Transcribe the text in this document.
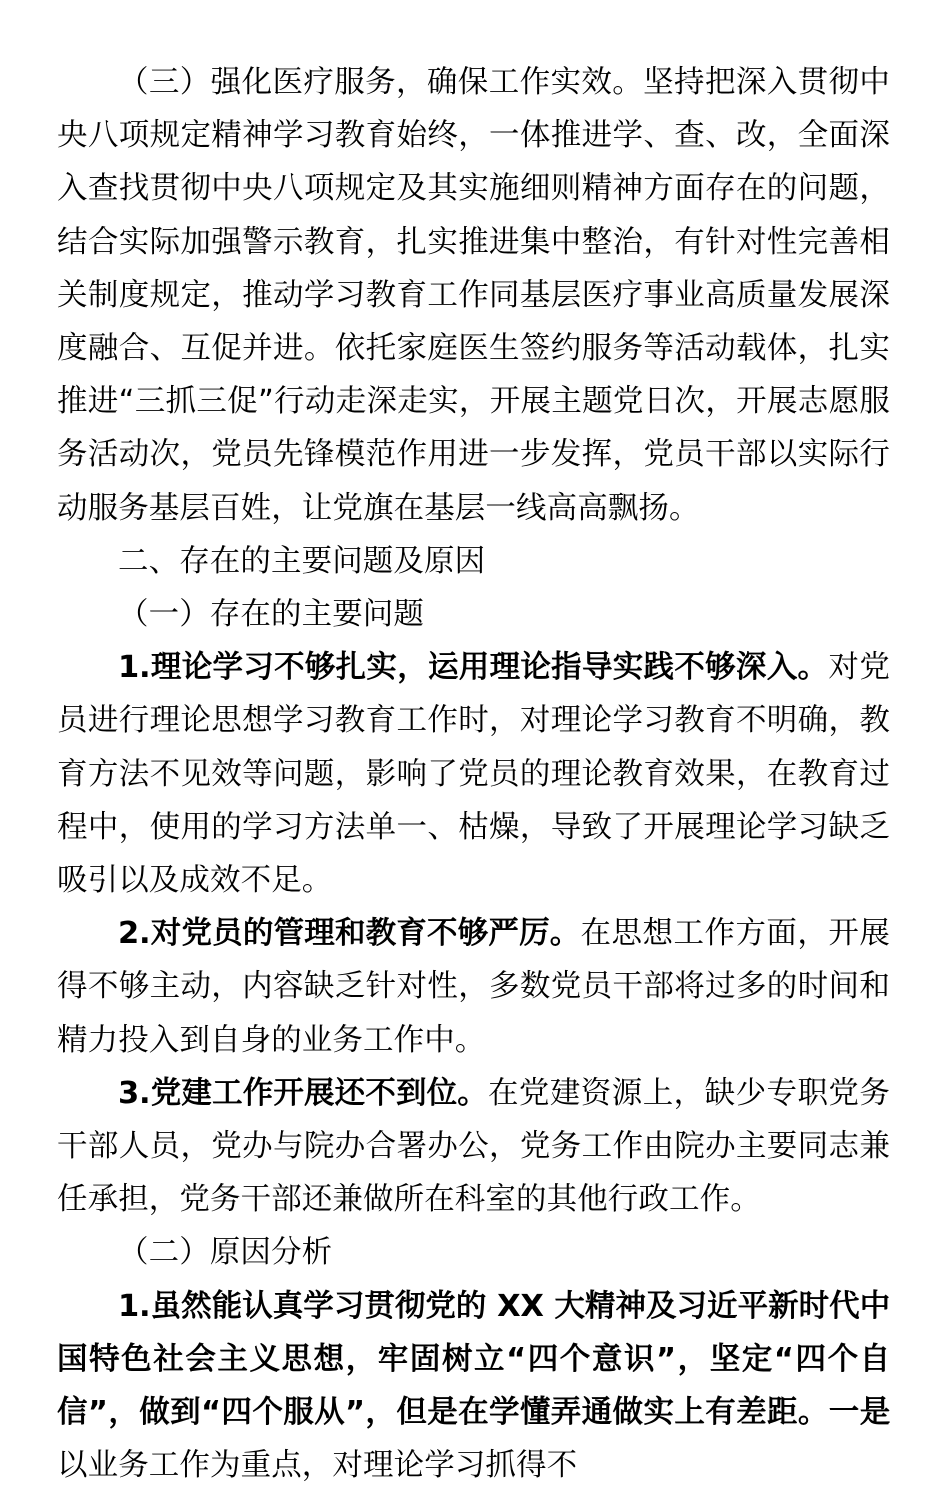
（三）强化医疗服务，确保工作实效。坚持把深入贯彻中央八项规定精神学习教育始终，一体推进学、查、改，全面深入查找贯彻中央八项规定及其实施细则精神方面存在的问题，结合实际加强警示教育，扎实推进集中整治，有针对性完善相关制度规定，推动学习教育工作同基层医疗事业高质量发展深度融合、互促并进。依托家庭医生签约服务等活动载体，扎实推进“三抓三促”行动走深走实，开展主题党日次，开展志愿服务活动次，党员先锋模范作用进一步发挥，党员干部以实际行动服务基层百姓，让党旗在基层一线高高飘扬。

二、存在的主要问题及原因

（一）存在的主要问题

1.理论学习不够扎实，运用理论指导实践不够深入。对党员进行理论思想学习教育工作时，对理论学习教育不明确，教育方法不见效等问题，影响了党员的理论教育效果，在教育过程中，使用的学习方法单一、枯燥，导致了开展理论学习缺乏吸引以及成效不足。

2.对党员的管理和教育不够严厉。在思想工作方面，开展得不够主动，内容缺乏针对性，多数党员干部将过多的时间和精力投入到自身的业务工作中。

3.党建工作开展还不到位。在党建资源上，缺少专职党务干部人员，党办与院办合署办公，党务工作由院办主要同志兼任承担，党务干部还兼做所在科室的其他行政工作。

（二）原因分析

1.虽然能认真学习贯彻党的 XX 大精神及习近平新时代中国特色社会主义思想，牢固树立“四个意识”，坚定“四个自信”，做到“四个服从”，但是在学懂弄通做实上有差距。一是以业务工作为重点，对理论学习抓得不
